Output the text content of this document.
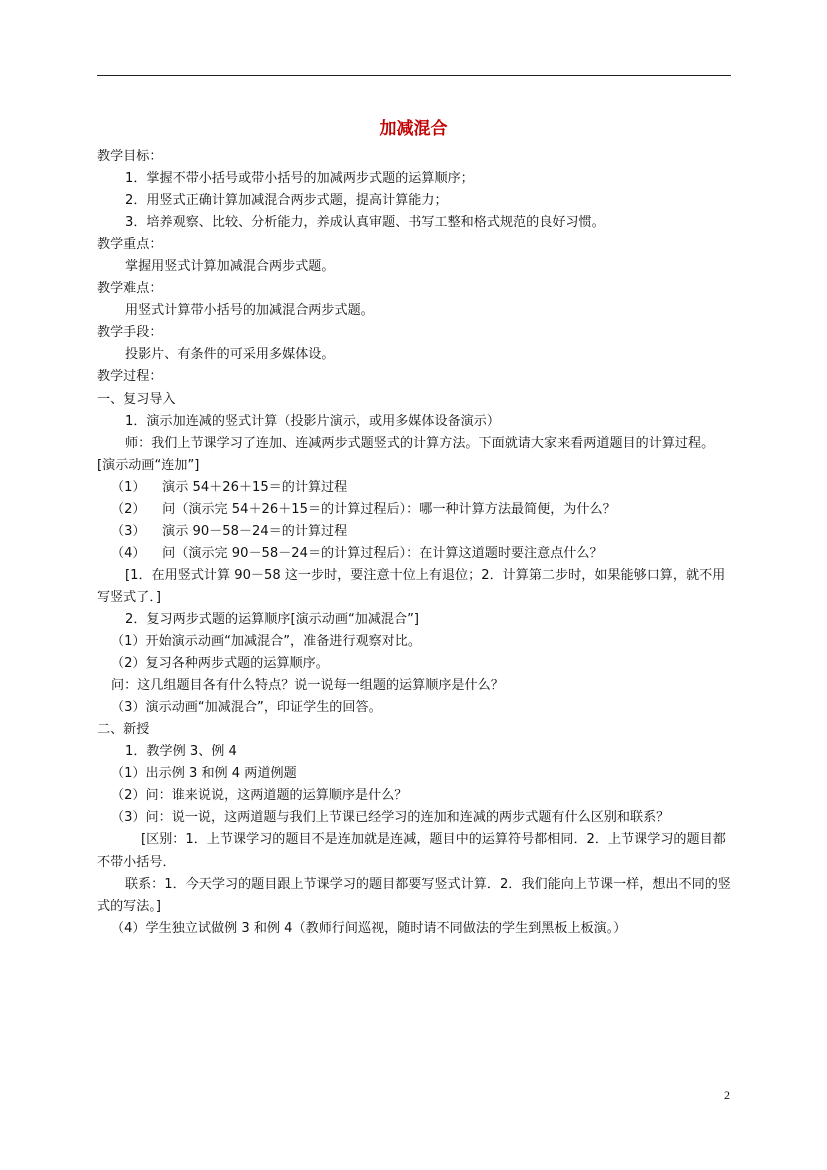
加减混合

教学目标：

1．掌握不带小括号或带小括号的加减两步式题的运算顺序；

2．用竖式正确计算加减混合两步式题，提高计算能力；

3．培养观察、比较、分析能力，养成认真审题、书写工整和格式规范的良好习惯。

教学重点：

掌握用竖式计算加减混合两步式题。

教学难点：

用竖式计算带小括号的加减混合两步式题。

教学手段：

投影片、有条件的可采用多媒体设。

教学过程：

一、复习导入

1．演示加连减的竖式计算（投影片演示，或用多媒体设备演示）

师：我们上节课学习了连加、连减两步式题竖式的计算方法。下面就请大家来看两道题目的计算过程。[演示动画“连加”]

（1）    演示 54＋26＋15＝的计算过程

（2）    问（演示完 54＋26＋15＝的计算过程后）：哪一种计算方法最简便，为什么？

（3）    演示 90－58－24＝的计算过程

（4）    问（演示完 90－58－24＝的计算过程后）：在计算这道题时要注意点什么？

[1．在用竖式计算 90－58 这一步时，要注意十位上有退位；2．计算第二步时，如果能够口算，就不用写竖式了．]

2．复习两步式题的运算顺序[演示动画“加减混合”]

（1）开始演示动画“加减混合”，准备进行观察对比。

（2）复习各种两步式题的运算顺序。

问：这几组题目各有什么特点？说一说每一组题的运算顺序是什么？

（3）演示动画“加减混合”，印证学生的回答。

二、新授

1．教学例 3、例 4

（1）出示例 3 和例 4 两道例题

（2）问：谁来说说，这两道题的运算顺序是什么？

（3）问：说一说，这两道题与我们上节课已经学习的连加和连减的两步式题有什么区别和联系？

[区别：1．上节课学习的题目不是连加就是连减，题目中的运算符号都相同．2．上节课学习的题目都不带小括号．

联系：1．今天学习的题目跟上节课学习的题目都要写竖式计算．2．我们能向上节课一样，想出不同的竖式的写法。]

（4）学生独立试做例 3 和例 4（教师行间巡视，随时请不同做法的学生到黑板上板演。）

2
